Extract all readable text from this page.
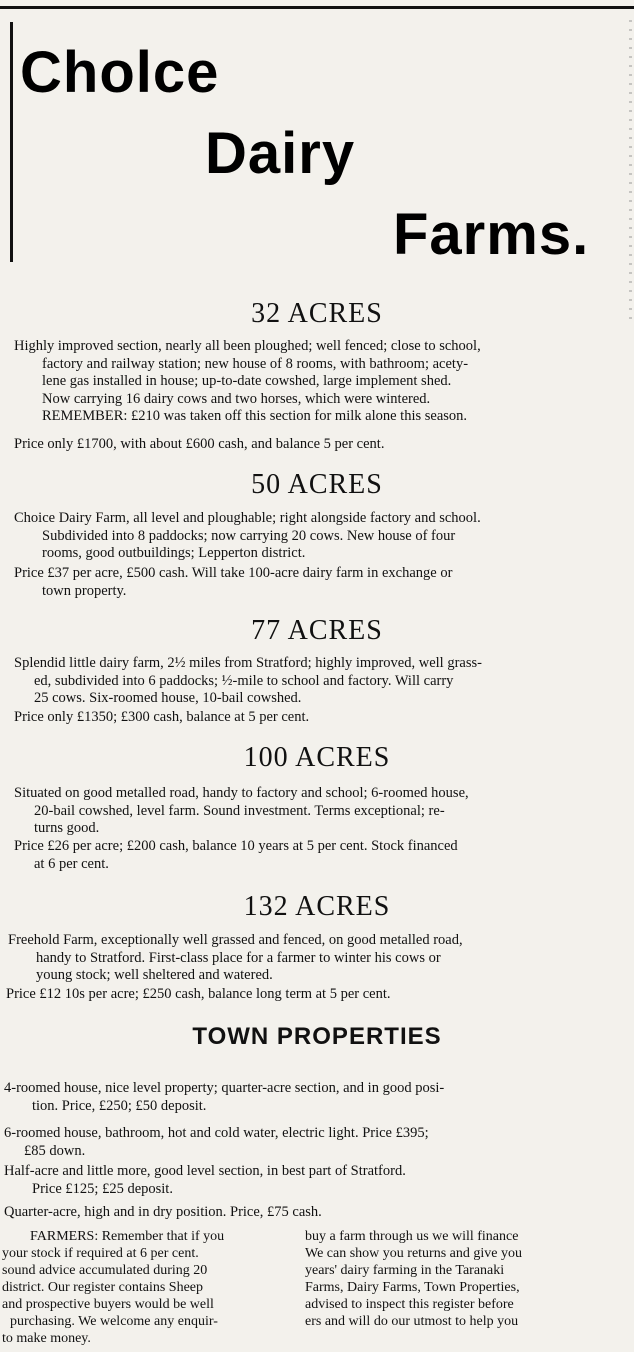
Cholce
Dairy
Farms.
32 ACRES
Highly improved section, nearly all been ploughed; well fenced; close to school,
factory and railway station; new house of 8 rooms, with bathroom; acety-
lene gas installed in house; up-to-date cowshed, large implement shed.
Now carrying 16 dairy cows and two horses, which were wintered.
REMEMBER: £210 was taken off this section for milk alone this season.
Price only £1700, with about £600 cash, and balance 5 per cent.
50 ACRES
Choice Dairy Farm, all level and ploughable; right alongside factory and school.
Subdivided into 8 paddocks; now carrying 20 cows. New house of four
rooms, good outbuildings; Lepperton district.
Price £37 per acre, £500 cash. Will take 100-acre dairy farm in exchange or
town property.
77 ACRES
Splendid little dairy farm, 2½ miles from Stratford; highly improved, well grass-
ed, subdivided into 6 paddocks; ½-mile to school and factory. Will carry
25 cows. Six-roomed house, 10-bail cowshed.
Price only £1350; £300 cash, balance at 5 per cent.
100 ACRES
Situated on good metalled road, handy to factory and school; 6-roomed house,
20-bail cowshed, level farm. Sound investment. Terms exceptional; re-
turns good.
Price £26 per acre; £200 cash, balance 10 years at 5 per cent. Stock financed
at 6 per cent.
132 ACRES
Freehold Farm, exceptionally well grassed and fenced, on good metalled road,
handy to Stratford. First-class place for a farmer to winter his cows or
young stock; well sheltered and watered.
Price £12 10s per acre; £250 cash, balance long term at 5 per cent.
TOWN PROPERTIES
4-roomed house, nice level property; quarter-acre section, and in good posi-
tion. Price, £250; £50 deposit.
6-roomed house, bathroom, hot and cold water, electric light. Price £395;
£85 down.
Half-acre and little more, good level section, in best part of Stratford.
Price £125; £25 deposit.
Quarter-acre, high and in dry position. Price, £75 cash.
FARMERS: Remember that if you
your stock if required at 6 per cent.
sound advice accumulated during 20
district. Our register contains Sheep
and prospective buyers would be well
purchasing. We welcome any enquir-
to make money.
buy a farm through us we will finance
We can show you returns and give you
years' dairy farming in the Taranaki
Farms, Dairy Farms, Town Properties,
advised to inspect this register before
ers and will do our utmost to help you
